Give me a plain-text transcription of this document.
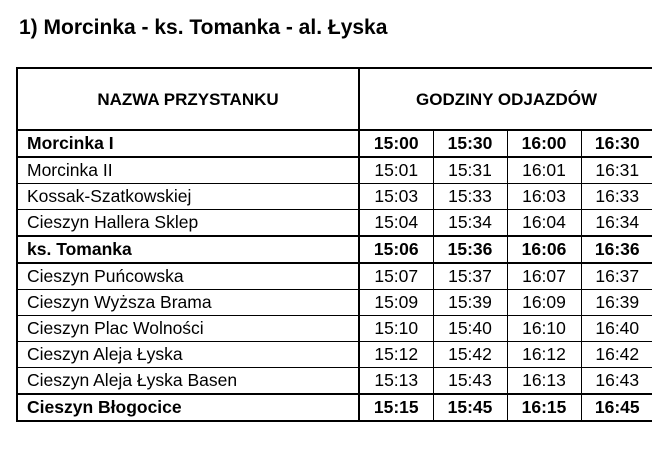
1) Morcinka - ks. Tomanka - al. Łyska
NAZWA PRZYSTANKU	GODZINY ODJAZDÓW			
Morcinka I	15:00	15:30	16:00	16:30
Morcinka II	15:01	15:31	16:01	16:31
Kossak-Szatkowskiej	15:03	15:33	16:03	16:33
Cieszyn Hallera Sklep	15:04	15:34	16:04	16:34
ks. Tomanka	15:06	15:36	16:06	16:36
Cieszyn Puńcowska	15:07	15:37	16:07	16:37
Cieszyn Wyższa Brama	15:09	15:39	16:09	16:39
Cieszyn Plac Wolności	15:10	15:40	16:10	16:40
Cieszyn Aleja Łyska	15:12	15:42	16:12	16:42
Cieszyn Aleja Łyska Basen	15:13	15:43	16:13	16:43
Cieszyn Błogocice	15:15	15:45	16:15	16:45
